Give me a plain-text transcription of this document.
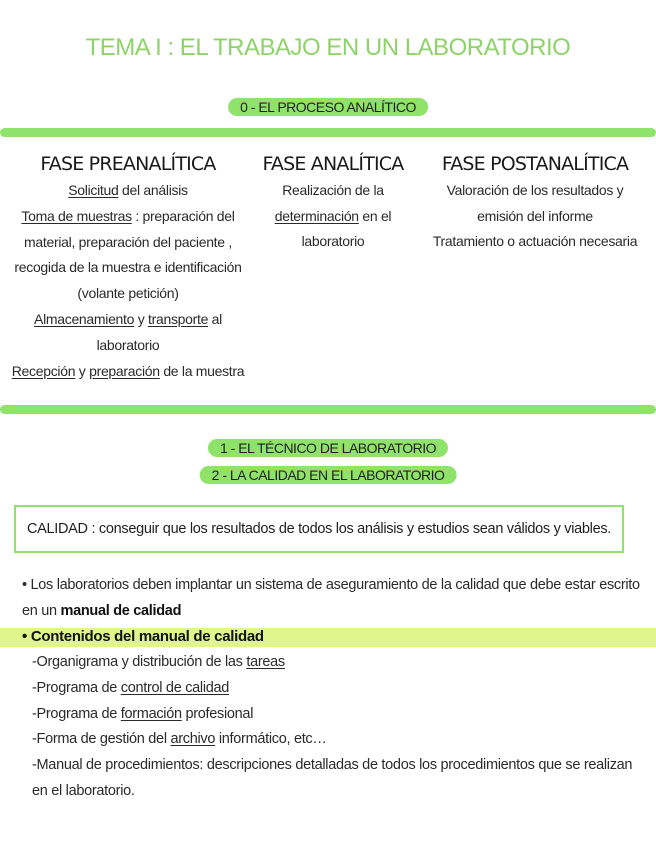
TEMA I : EL TRABAJO EN UN LABORATORIO
0 - EL PROCESO ANALÍTICO
FASE PREANALÍTICA

Solicitud del análisis
Toma de muestras : preparación del material, preparación del paciente , recogida de la muestra e identificación (volante petición)
Almacenamiento y transporte al laboratorio
Recepción y preparación de la muestra

FASE ANALÍTICA

Realización de la determinación en el laboratorio

FASE POSTANALÍTICA

Valoración de los resultados y emisión del informe

Tratamiento o actuación necesaria

1 - EL TÉCNICO DE LABORATORIO
2 - LA CALIDAD EN EL LABORATORIO
CALIDAD : conseguir que los resultados de todos los análisis y estudios sean válidos y viables.
• Los laboratorios deben implantar un sistema de aseguramiento de la calidad que debe estar escrito en un manual de calidad
• Contenidos del manual de calidad
-Organigrama y distribución de las tareas
-Programa de control de calidad
-Programa de formación profesional
-Forma de gestión del archivo informático, etc…
-Manual de procedimientos: descripciones detalladas de todos los procedimientos que se realizan en el laboratorio.
